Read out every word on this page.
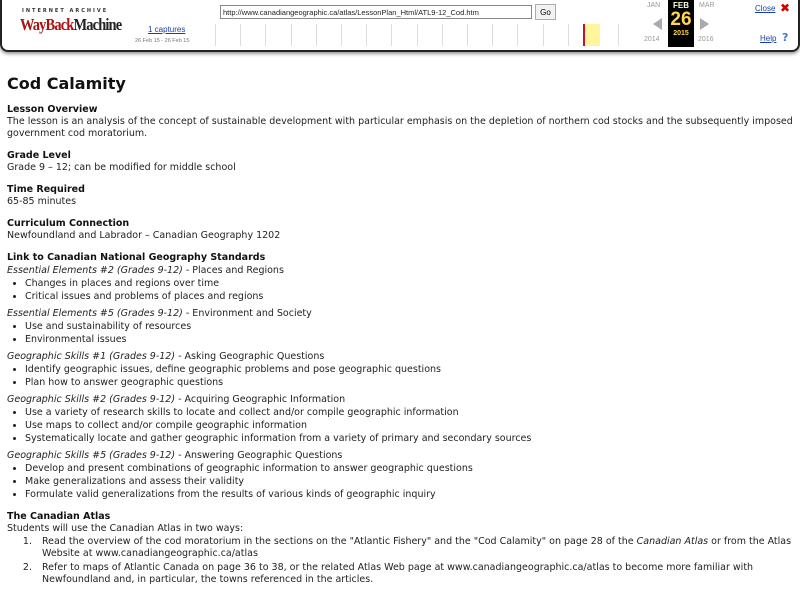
INTERNET ARCHIVE
WayBackMachine
http://www.canadiangeographic.ca/atlas/LessonPlan_Html/ATL9-12_Cod.htm
Go
1 captures
26 Feb 15 - 26 Feb 15
JAN
2014
FEB
26
2015
MAR
2016
Close ✖
Help ?
Cod Calamity
Lesson Overview

The lesson is an analysis of the concept of sustainable development with particular emphasis on the depletion of northern cod stocks and the subsequently imposed government cod moratorium.

Grade Level

Grade 9 – 12; can be modified for middle school

Time Required

65-85 minutes

Curriculum Connection

Newfoundland and Labrador – Canadian Geography 1202

Link to Canadian National Geography Standards
Essential Elements #2 (Grades 9-12) - Places and Regions
• Changes in places and regions over time
• Critical issues and problems of places and regions
Essential Elements #5 (Grades 9-12) - Environment and Society
• Use and sustainability of resources
• Environmental issues
Geographic Skills #1 (Grades 9-12) - Asking Geographic Questions
• Identify geographic issues, define geographic problems and pose geographic questions
• Plan how to answer geographic questions
Geographic Skills #2 (Grades 9-12) - Acquiring Geographic Information
• Use a variety of research skills to locate and collect and/or compile geographic information
• Use maps to collect and/or compile geographic information
• Systematically locate and gather geographic information from a variety of primary and secondary sources
Geographic Skills #5 (Grades 9-12) - Answering Geographic Questions
• Develop and present combinations of geographic information to answer geographic questions
• Make generalizations and assess their validity
• Formulate valid generalizations from the results of various kinds of geographic inquiry
The Canadian Atlas

Students will use the Canadian Atlas in two ways:

1. Read the overview of the cod moratorium in the sections on the "Atlantic Fishery" and the "Cod Calamity" on page 28 of the Canadian Atlas or from the Atlas Website at www.canadiangeographic.ca/atlas
2. Refer to maps of Atlantic Canada on page 36 to 38, or the related Atlas Web page at www.canadiangeographic.ca/atlas to become more familiar with Newfoundland and, in particular, the towns referenced in the articles.
